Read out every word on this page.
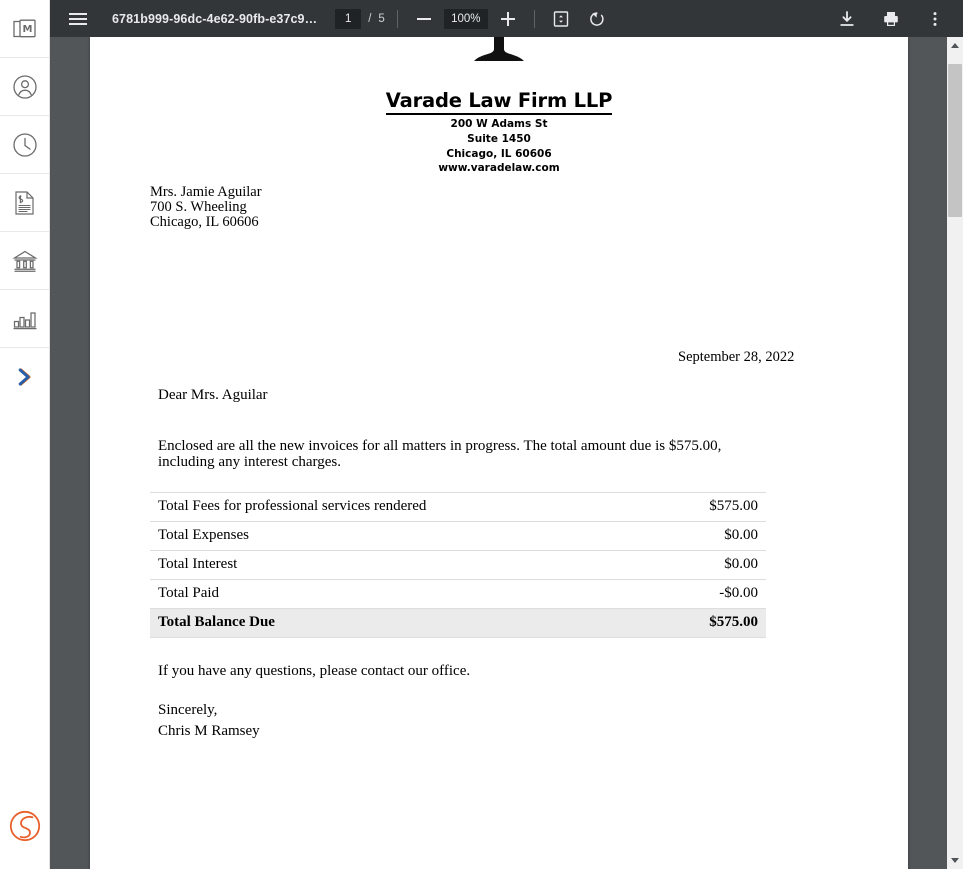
M
6781b999-96dc-4e62-90fb-e37c9…
1	/ 5	100%
Varade Law Firm LLP
200 W Adams St
Suite 1450
Chicago, IL 60606
www.varadelaw.com
Mrs. Jamie Aguilar
700 S. Wheeling
Chicago, IL 60606
September 28, 2022
Dear Mrs. Aguilar
Enclosed are all the new invoices for all matters in progress. The total amount due is $575.00, including any interest charges.
Total Fees for professional services rendered	$575.00
Total Expenses	$0.00
Total Interest	$0.00
Total Paid	-$0.00
Total Balance Due	$575.00
If you have any questions, please contact our office.
Sincerely,
Chris M Ramsey
